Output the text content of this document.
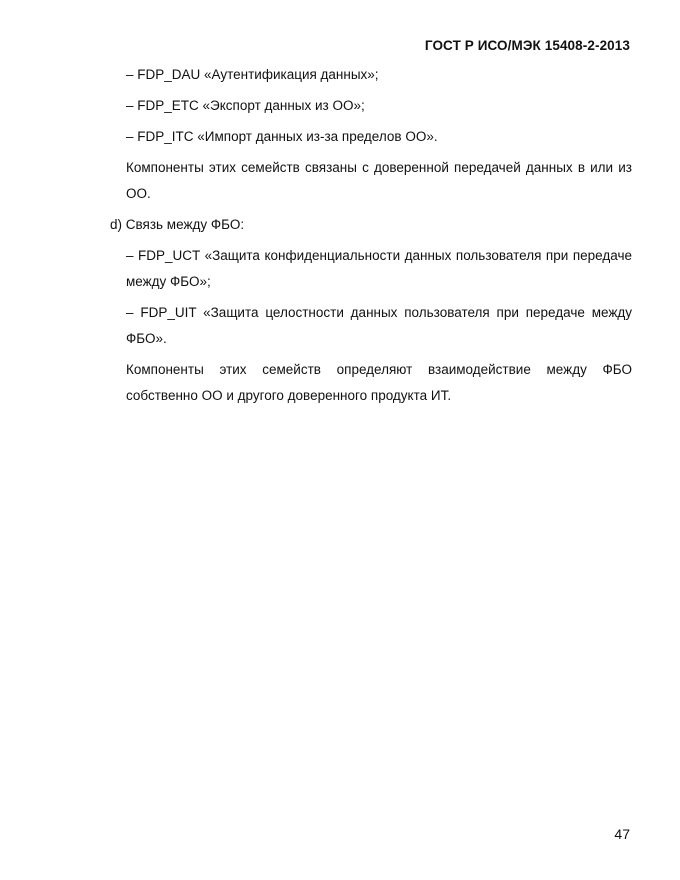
ГОСТ Р ИСО/МЭК 15408-2-2013
– FDP_DAU «Аутентификация данных»;
– FDP_ETC «Экспорт данных из ОО»;
– FDP_ITC «Импорт данных из-за пределов ОО».
Компоненты этих семейств связаны с доверенной передачей данных в или из ОО.
d) Связь между ФБО:
– FDP_UCT «Защита конфиденциальности данных пользователя при передаче между ФБО»;
– FDP_UIT «Защита целостности данных пользователя при передаче между ФБО».
Компоненты этих семейств определяют взаимодействие между ФБО собственно ОО и другого доверенного продукта ИТ.
47
